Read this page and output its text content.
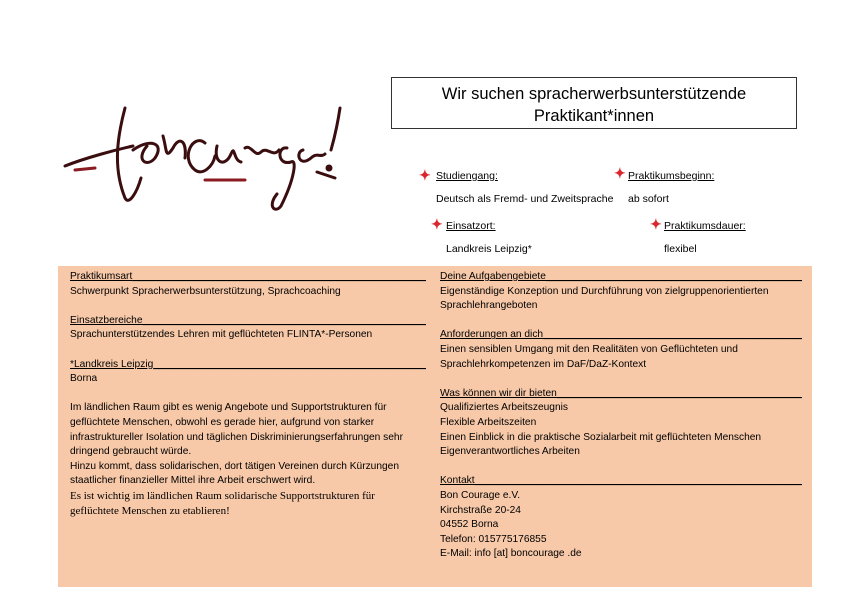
Wir suchen spracherwerbsunterstützende
Praktikant*innen
✦ Studiengang:
Deutsch als Fremd- und Zweitsprache
✦ Praktikumsbeginn:
ab sofort
✦ Einsatzort:
Landkreis Leipzig*
✦ Praktikumsdauer:
flexibel
Praktikumsart _____
Schwerpunkt Spracherwerbsunterstützung, Sprachcoaching
Einsatzbereiche _____
Sprachunterstützendes Lehren mit geflüchteten FLINTA*-Personen
*Landkreis Leipzig _____
Borna
Im ländlichen Raum gibt es wenig Angebote und Supportstrukturen für geflüchtete Menschen, obwohl es gerade hier, aufgrund von starker infrastruktureller Isolation und täglichen Diskriminierungserfahrungen sehr dringend gebraucht würde.
Hinzu kommt, dass solidarischen, dort tätigen Vereinen durch Kürzungen staatlicher finanzieller Mittel ihre Arbeit erschwert wird.
Es ist wichtig im ländlichen Raum solidarische Supportstrukturen für geflüchtete Menschen zu etablieren!
Deine Aufgabengebiete _____
Eigenständige Konzeption und Durchführung von zielgruppenorientierten Sprachlehrangeboten
Anforderungen an dich _____
Einen sensiblen Umgang mit den Realitäten von Geflüchteten und Sprachlehrkompetenzen im DaF/DaZ-Kontext
Was können wir dir bieten _____
Qualifiziertes Arbeitszeugnis
Flexible Arbeitszeiten
Einen Einblick in die praktische Sozialarbeit mit geflüchteten Menschen
Eigenverantwortliches Arbeiten
Kontakt _____
Bon Courage e.V.
Kirchstraße 20-24
04552 Borna
Telefon: 015775176855
E-Mail: info [at] boncourage .de
